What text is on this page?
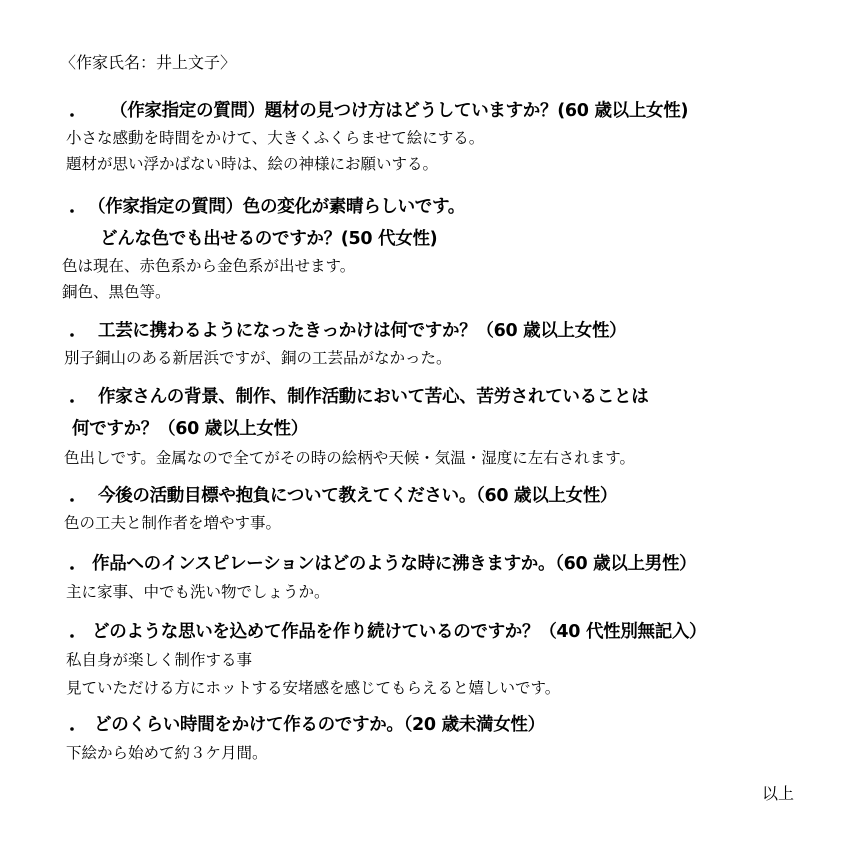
〈作家氏名：井上文子〉
・ （作家指定の質問）題材の見つけ方はどうしていますか？(60 歳以上女性)
小さな感動を時間をかけて、大きくふくらませて絵にする。
題材が思い浮かばない時は、絵の神様にお願いする。
・ （作家指定の質問）色の変化が素晴らしいです。
どんな色でも出せるのですか？(50 代女性)
色は現在、赤色系から金色系が出せます。
銅色、黒色等。
・ 工芸に携わるようになったきっかけは何ですか？（60 歳以上女性）
別子銅山のある新居浜ですが、銅の工芸品がなかった。
・ 作家さんの背景、制作、制作活動において苦心、苦労されていることは
何ですか？（60 歳以上女性）
色出しです。金属なので全てがその時の絵柄や天候・気温・湿度に左右されます。
・ 今後の活動目標や抱負について教えてください。（60 歳以上女性）
色の工夫と制作者を増やす事。
・ 作品へのインスピレーションはどのような時に沸きますか。（60 歳以上男性）
主に家事、中でも洗い物でしょうか。
・ どのような思いを込めて作品を作り続けているのですか？（40 代性別無記入）
私自身が楽しく制作する事
見ていただける方にホットする安堵感を感じてもらえると嬉しいです。
・ どのくらい時間をかけて作るのですか。（20 歳未満女性）
下絵から始めて約３ケ月間。
以上
